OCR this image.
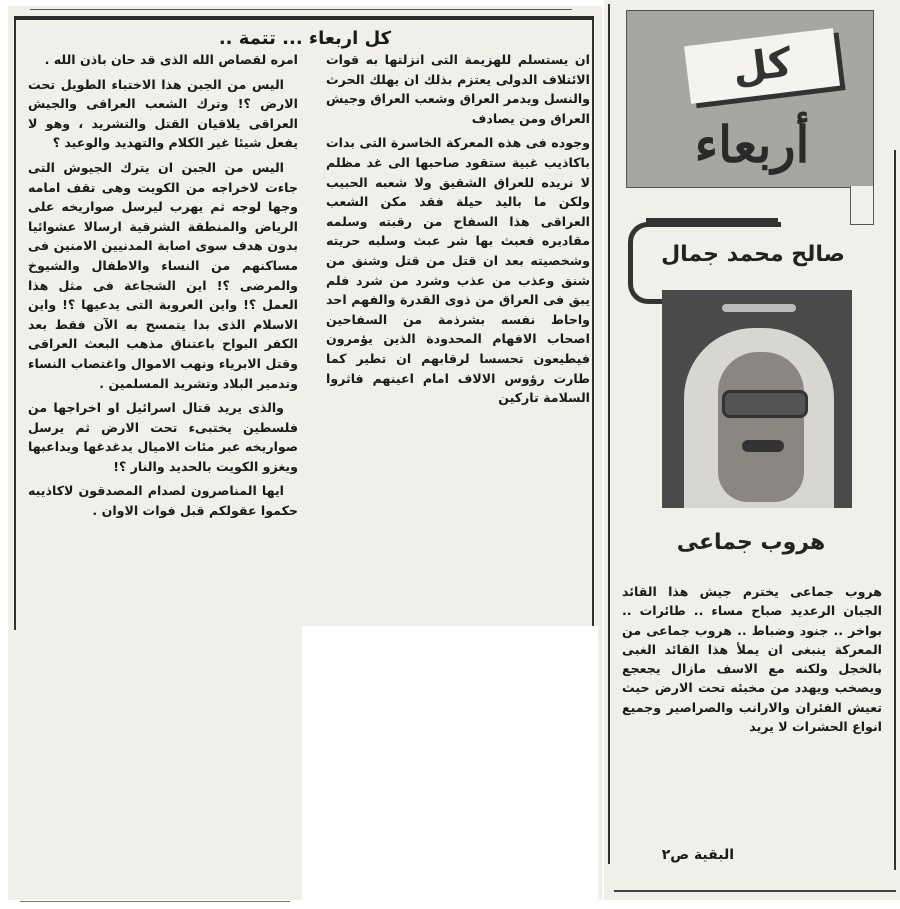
كل اربعاء ... تتمة ..

ان يستسلم للهزيمة التى انزلتها به قوات الائتلاف الدولى يعتزم بذلك ان يهلك الحرث والنسل ويدمر العراق وشعب العراق وجيش العراق ومن يصادف

وجوده فى هذه المعركة الخاسرة التى بدات باكاذيب غبية ستقود صاحبها الى غد مظلم لا نريده للعراق الشقيق ولا شعبه الحبيب ولكن ما باليد حيلة فقد مكن الشعب العراقى هذا السفاح من رقبته وسلمه مقاديره فعبث بها شر عبث وسلبه حريته وشخصيته بعد ان قتل من قتل وشنق من شنق وعذب من عذب وشرد من شرد فلم يبق فى العراق من ذوى القدرة والفهم احد واحاط نفسه بشرذمة من السفاحين اصحاب الافهام المحدودة الذين يؤمرون فيطيعون تحسسا لرقابهم ان تطير كما طارت رؤوس الالاف امام اعينهم فاثروا السلامة تاركين

امره لقصاص الله الذى قد حان باذن الله .

اليس من الجبن هذا الاختباء الطويل تحت الارض ؟! وترك الشعب العراقى والجيش العراقى يلاقيان القتل والتشريد ، وهو لا يفعل شيئا غير الكلام والتهديد والوعيد ؟

اليس من الجبن ان يترك الجيوش التى جاءت لاخراجه من الكويت وهى تقف امامه وجها لوجه ثم يهرب ليرسل صواريخه على الرياض والمنطقة الشرقية ارسالا عشوائيا بدون هدف سوى اصابة المدنيين الامنين فى مساكنهم من النساء والاطفال والشيوخ والمرضى ؟! اين الشجاعة فى مثل هذا العمل ؟! واين العروبة التى يدعيها ؟! واين الاسلام الذى بدا يتمسح به الآن فقط بعد الكفر البواح باعتناق مذهب البعث العراقى وقتل الابرياء ونهب الاموال واغتصاب النساء وتدمير البلاد وتشريد المسلمين .

والذى يريد قتال اسرائيل او اخراجها من فلسطين يختبىء تحت الارض ثم يرسل صواريخه عبر مئات الاميال يدغدغها ويداعبها ويغزو الكويت بالحديد والنار ؟!

ايها المناصرون لصدام المصدقون لاكاذيبه حكموا عقولكم قبل فوات الاوان .

كل
أربعاء
صالح محمد جمال
هروب جماعى

هروب جماعى يخترم جيش هذا القائد الجبان الرعديد صباح مساء .. طائرات .. بواخر .. جنود وضباط .. هروب جماعى من المعركة ينبغى ان يملأ هذا القائد الغبى بالخجل ولكنه مع الاسف مازال يجعجع ويصخب ويهدد من مخبئه تحت الارض حيث تعيش الفئران والارانب والصراصير وجميع انواع الحشرات لا يريد

البقية ص٢
